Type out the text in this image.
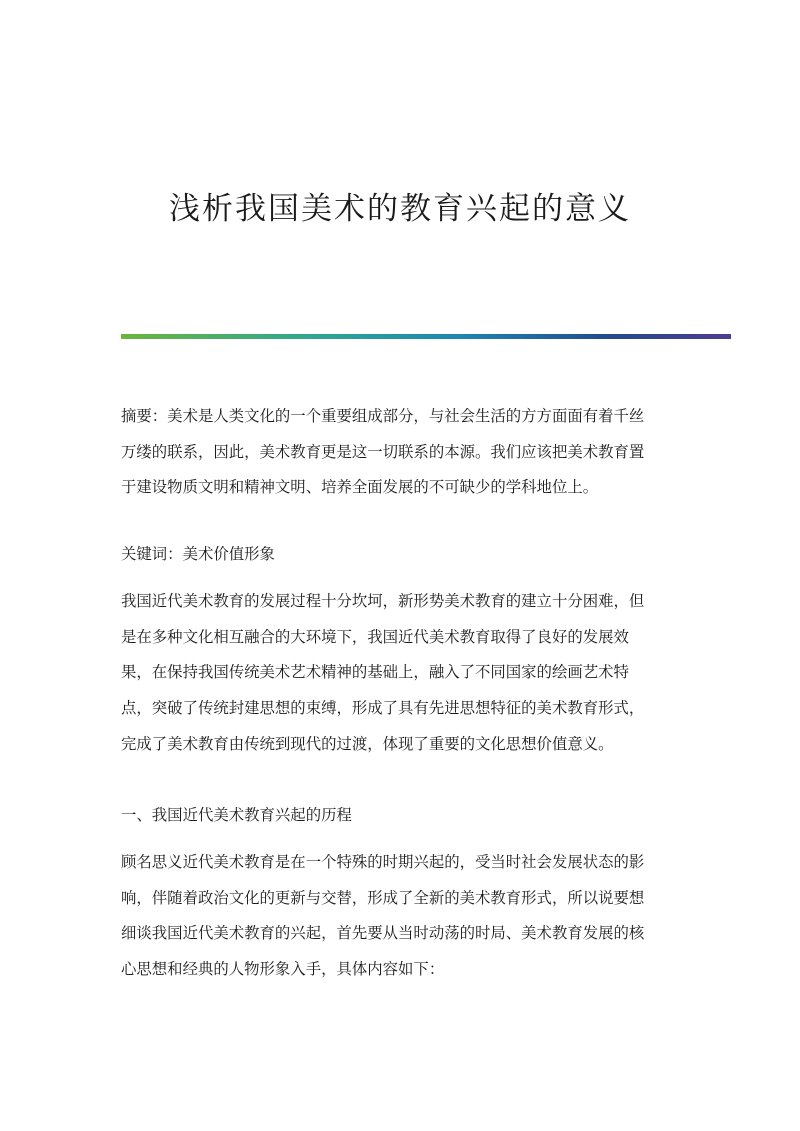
浅析我国美术的教育兴起的意义

摘要：美术是人类文化的一个重要组成部分，与社会生活的方方面面有着千丝
万缕的联系，因此，美术教育更是这一切联系的本源。我们应该把美术教育置
于建设物质文明和精神文明、培养全面发展的不可缺少的学科地位上。

关键词：美术价值形象

我国近代美术教育的发展过程十分坎坷，新形势美术教育的建立十分困难，但
是在多种文化相互融合的大环境下，我国近代美术教育取得了良好的发展效
果，在保持我国传统美术艺术精神的基础上，融入了不同国家的绘画艺术特
点，突破了传统封建思想的束缚，形成了具有先进思想特征的美术教育形式，
完成了美术教育由传统到现代的过渡，体现了重要的文化思想价值意义。

一、我国近代美术教育兴起的历程

顾名思义近代美术教育是在一个特殊的时期兴起的，受当时社会发展状态的影
响，伴随着政治文化的更新与交替，形成了全新的美术教育形式，所以说要想
细谈我国近代美术教育的兴起，首先要从当时动荡的时局、美术教育发展的核
心思想和经典的人物形象入手，具体内容如下：
